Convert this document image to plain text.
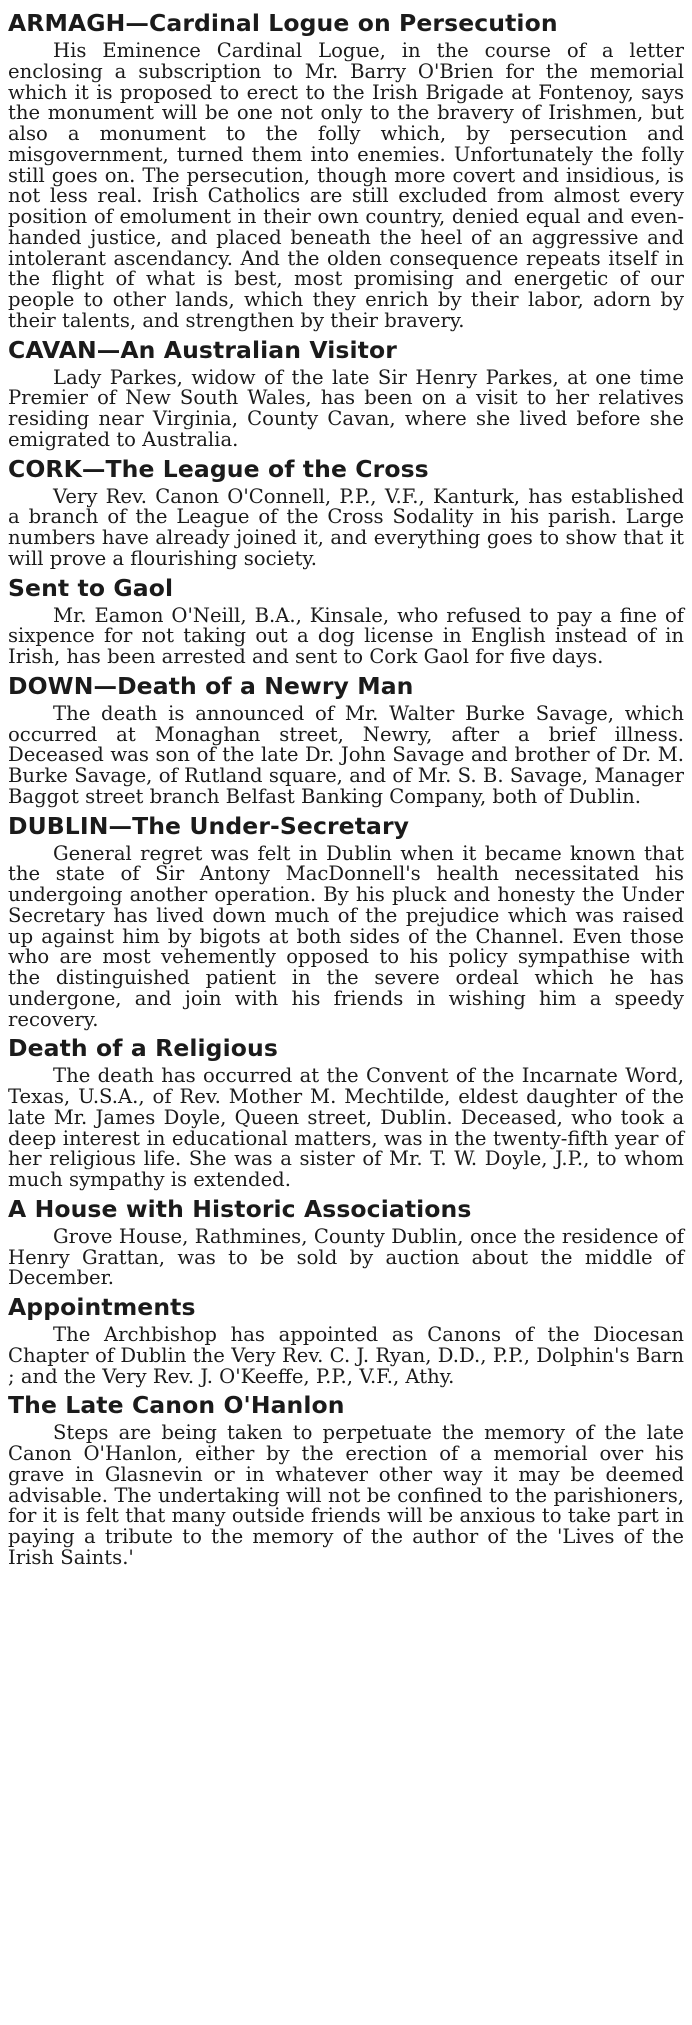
ARMAGH—Cardinal Logue on Persecution

His Eminence Cardinal Logue, in the course of a letter enclosing a subscription to Mr. Barry O'Brien for the memorial which it is proposed to erect to the Irish Brigade at Fontenoy, says the monument will be one not only to the bravery of Irishmen, but also a monument to the folly which, by persecution and misgovernment, turned them into enemies. Unfortunately the folly still goes on. The persecution, though more covert and insidious, is not less real. Irish Catholics are still excluded from almost every position of emolument in their own country, denied equal and even-handed justice, and placed beneath the heel of an aggressive and intolerant ascendancy. And the olden consequence repeats itself in the flight of what is best, most promising and energetic of our people to other lands, which they enrich by their labor, adorn by their talents, and strengthen by their bravery.

CAVAN—An Australian Visitor

Lady Parkes, widow of the late Sir Henry Parkes, at one time Premier of New South Wales, has been on a visit to her relatives residing near Virginia, County Cavan, where she lived before she emigrated to Australia.

CORK—The League of the Cross

Very Rev. Canon O'Connell, P.P., V.F., Kanturk, has established a branch of the League of the Cross Sodality in his parish. Large numbers have already joined it, and everything goes to show that it will prove a flourishing society.

Sent to Gaol

Mr. Eamon O'Neill, B.A., Kinsale, who refused to pay a fine of sixpence for not taking out a dog license in English instead of in Irish, has been arrested and sent to Cork Gaol for five days.

DOWN—Death of a Newry Man

The death is announced of Mr. Walter Burke Savage, which occurred at Monaghan street, Newry, after a brief illness. Deceased was son of the late Dr. John Savage and brother of Dr. M. Burke Savage, of Rutland square, and of Mr. S. B. Savage, Manager Baggot street branch Belfast Banking Company, both of Dublin.

DUBLIN—The Under-Secretary

General regret was felt in Dublin when it became known that the state of Sir Antony MacDonnell's health necessitated his undergoing another operation. By his pluck and honesty the Under Secretary has lived down much of the prejudice which was raised up against him by bigots at both sides of the Channel. Even those who are most vehemently opposed to his policy sympathise with the distinguished patient in the severe ordeal which he has undergone, and join with his friends in wishing him a speedy recovery.

Death of a Religious

The death has occurred at the Convent of the Incarnate Word, Texas, U.S.A., of Rev. Mother M. Mechtilde, eldest daughter of the late Mr. James Doyle, Queen street, Dublin. Deceased, who took a deep interest in educational matters, was in the twenty-fifth year of her religious life. She was a sister of Mr. T. W. Doyle, J.P., to whom much sympathy is extended.

A House with Historic Associations

Grove House, Rathmines, County Dublin, once the residence of Henry Grattan, was to be sold by auction about the middle of December.

Appointments

The Archbishop has appointed as Canons of the Diocesan Chapter of Dublin the Very Rev. C. J. Ryan, D.D., P.P., Dolphin's Barn ; and the Very Rev. J. O'Keeffe, P.P., V.F., Athy.

The Late Canon O'Hanlon

Steps are being taken to perpetuate the memory of the late Canon O'Hanlon, either by the erection of a memorial over his grave in Glasnevin or in whatever other way it may be deemed advisable. The undertaking will not be confined to the parishioners, for it is felt that many outside friends will be anxious to take part in paying a tribute to the memory of the author of the 'Lives of the Irish Saints.'
